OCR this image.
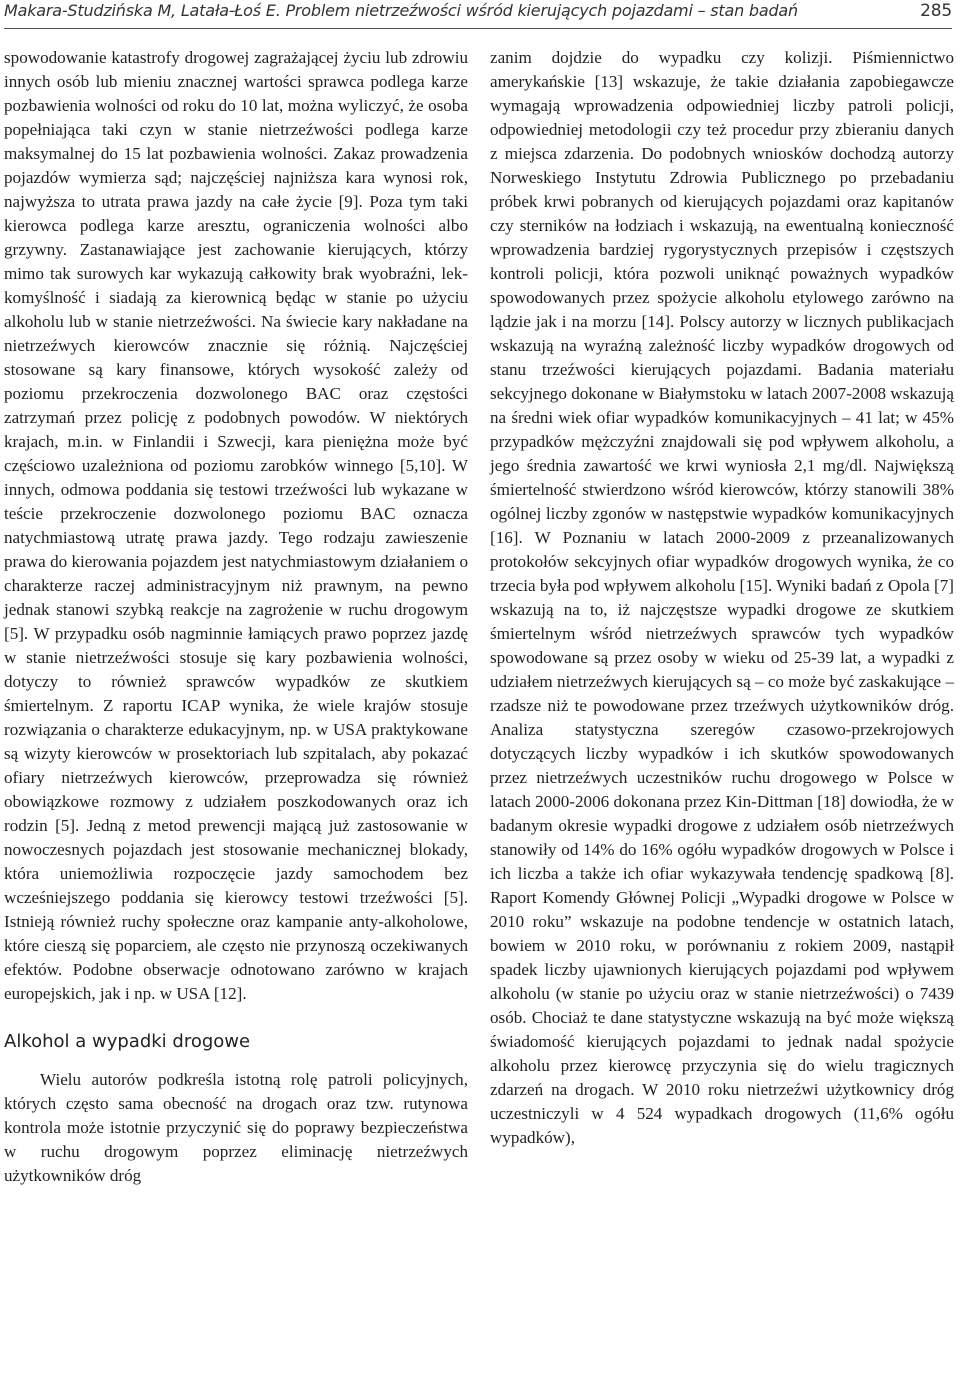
Makara-Studzińska M, Latała-Łoś E. Problem nietrzeźwości wśród kierujących pojazdami – stan badań	285

spowodowanie katastrofy drogowej zagrażającej życiu lub zdrowiu innych osób lub mieniu znacznej wartości sprawca podlega karze pozbawienia wolności od roku do 10 lat, można wyliczyć, że osoba popełniająca taki czyn w stanie nietrzeźwości podlega karze maksymalnej do 15 lat pozbawienia wolności. Zakaz prowadzenia pojazdów wymierza sąd; najczęściej najniższa kara wynosi rok, najwyższa to utrata prawa jazdy na całe życie [9]. Poza tym taki kierowca podlega karze aresztu, ograniczenia wolności albo grzywny. Zastanawiające jest zachowanie kierujących, którzy mimo tak surowych kar wykazują całkowity brak wyobraźni, lekkomyślność i siadają za kierownicą będąc w stanie po użyciu alkoholu lub w stanie nietrzeźwości. Na świecie kary nakładane na nietrzeźwych kierowców znacznie się różnią. Najczęściej stosowane są kary finansowe, których wysokość zależy od poziomu przekroczenia dozwolonego BAC oraz częstości zatrzymań przez policję z podobnych powodów. W niektórych krajach, m.in. w Finlandii i Szwecji, kara pieniężna może być częściowo uzależniona od poziomu zarobków winnego [5,10]. W innych, odmowa poddania się testowi trzeźwości lub wykazane w teście przekroczenie dozwolonego poziomu BAC oznacza natychmiastową utratę prawa jazdy. Tego rodzaju zawieszenie prawa do kierowania pojazdem jest natychmiastowym działaniem o charakterze raczej administracyjnym niż prawnym, na pewno jednak stanowi szybką reakcje na zagrożenie w ruchu drogowym [5]. W przypadku osób nagminnie łamiących prawo poprzez jazdę w stanie nietrzeźwości stosuje się kary pozbawienia wolności, dotyczy to również sprawców wypadków ze skutkiem śmiertelnym. Z raportu ICAP wynika, że wiele krajów stosuje rozwiązania o charakterze edukacyjnym, np. w USA praktykowane są wizyty kierowców w prosektoriach lub szpitalach, aby pokazać ofiary nietrzeźwych kierowców, przeprowadza się również obowiązkowe rozmowy z udziałem poszkodowanych oraz ich rodzin [5]. Jedną z metod prewencji mającą już zastosowanie w nowoczesnych pojazdach jest stosowanie mechanicznej blokady, która uniemożliwia rozpoczęcie jazdy samochodem bez wcześniejszego poddania się kierowcy testowi trzeźwości [5]. Istnieją również ruchy społeczne oraz kampanie anty-alkoholowe, które cieszą się poparciem, ale często nie przynoszą oczekiwanych efektów. Podobne obserwacje odnotowano zarówno w krajach europejskich, jak i np. w USA [12].

Alkohol a wypadki drogowe

Wielu autorów podkreśla istotną rolę patroli policyjnych, których często sama obecność na drogach oraz tzw. rutynowa kontrola może istotnie przyczynić się do poprawy bezpieczeństwa w ruchu drogowym poprzez eliminację nietrzeźwych użytkowników dróg

zanim dojdzie do wypadku czy kolizji. Piśmiennictwo amerykańskie [13] wskazuje, że takie działania zapobiegawcze wymagają wprowadzenia odpowiedniej liczby patroli policji, odpowiedniej metodologii czy też procedur przy zbieraniu danych z miejsca zdarzenia. Do podobnych wniosków dochodzą autorzy Norweskiego Instytutu Zdrowia Publicznego po przebadaniu próbek krwi pobranych od kierujących pojazdami oraz kapitanów czy sterników na łodziach i wskazują, na ewentualną konieczność wprowadzenia bardziej rygorystycznych przepisów i częstszych kontroli policji, która pozwoli uniknąć poważnych wypadków spowodowanych przez spożycie alkoholu etylowego zarówno na lądzie jak i na morzu [14]. Polscy autorzy w licznych publikacjach wskazują na wyraźną zależność liczby wypadków drogowych od stanu trzeźwości kierujących pojazdami. Badania materiału sekcyjnego dokonane w Białymstoku w latach 2007-2008 wskazują na średni wiek ofiar wypadków komunikacyjnych – 41 lat; w 45% przypadków mężczyźni znajdowali się pod wpływem alkoholu, a jego średnia zawartość we krwi wyniosła 2,1 mg/dl. Największą śmiertelność stwierdzono wśród kierowców, którzy stanowili 38% ogólnej liczby zgonów w następstwie wypadków komunikacyjnych [16]. W Poznaniu w latach 2000-2009 z przeanalizowanych protokołów sekcyjnych ofiar wypadków drogowych wynika, że co trzecia była pod wpływem alkoholu [15]. Wyniki badań z Opola [7] wskazują na to, iż najczęstsze wypadki drogowe ze skutkiem śmiertelnym wśród nietrzeźwych sprawców tych wypadków spowodowane są przez osoby w wieku od 25-39 lat, a wypadki z udziałem nietrzeźwych kierujących są – co może być zaskakujące – rzadsze niż te powodowane przez trzeźwych użytkowników dróg. Analiza statystyczna szeregów czasowo-przekrojowych dotyczących liczby wypadków i ich skutków spowodowanych przez nietrzeźwych uczestników ruchu drogowego w Polsce w latach 2000-2006 dokonana przez Kin-Dittman [18] dowiodła, że w badanym okresie wypadki drogowe z udziałem osób nietrzeźwych stanowiły od 14% do 16% ogółu wypadków drogowych w Polsce i ich liczba a także ich ofiar wykazywała tendencję spadkową [8]. Raport Komendy Głównej Policji „Wypadki drogowe w Polsce w 2010 roku” wskazuje na podobne tendencje w ostatnich latach, bowiem w 2010 roku, w porównaniu z rokiem 2009, nastąpił spadek liczby ujawnionych kierujących pojazdami pod wpływem alkoholu (w stanie po użyciu oraz w stanie nietrzeźwości) o 7439 osób. Chociaż te dane statystyczne wskazują na być może większą świadomość kierujących pojazdami to jednak nadal spożycie alkoholu przez kierowcę przyczynia się do wielu tragicznych zdarzeń na drogach. W 2010 roku nietrzeźwi użytkownicy dróg uczestniczyli w 4 524 wypadkach drogowych (11,6% ogółu wypadków),
